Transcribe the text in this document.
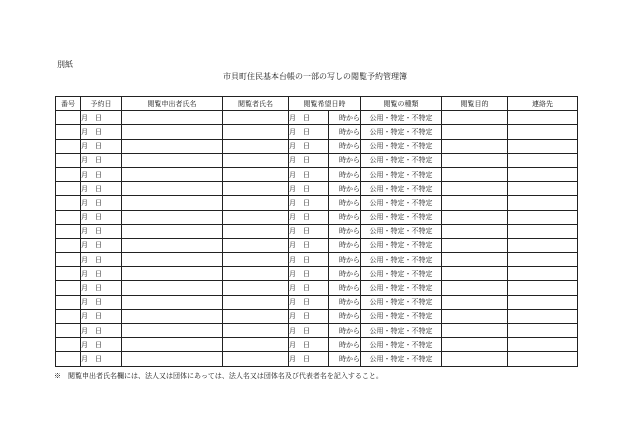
別紙
市貝町住民基本台帳の一部の写しの閲覧予約管理簿
番号	予約日	閲覧申出者氏名	閲覧者氏名	閲覧希望日時		閲覧の種類	閲覧目的	連絡先
	月　日			月　日	時から	公用・特定・不特定		
	月　日			月　日	時から	公用・特定・不特定		
	月　日			月　日	時から	公用・特定・不特定		
	月　日			月　日	時から	公用・特定・不特定		
	月　日			月　日	時から	公用・特定・不特定		
	月　日			月　日	時から	公用・特定・不特定		
	月　日			月　日	時から	公用・特定・不特定		
	月　日			月　日	時から	公用・特定・不特定		
	月　日			月　日	時から	公用・特定・不特定		
	月　日			月　日	時から	公用・特定・不特定		
	月　日			月　日	時から	公用・特定・不特定		
	月　日			月　日	時から	公用・特定・不特定		
	月　日			月　日	時から	公用・特定・不特定		
	月　日			月　日	時から	公用・特定・不特定		
	月　日			月　日	時から	公用・特定・不特定		
	月　日			月　日	時から	公用・特定・不特定		
	月　日			月　日	時から	公用・特定・不特定		
	月　日			月　日	時から	公用・特定・不特定		
※　閲覧申出者氏名欄には、法人又は団体にあっては、法人名又は団体名及び代表者名を記入すること。
